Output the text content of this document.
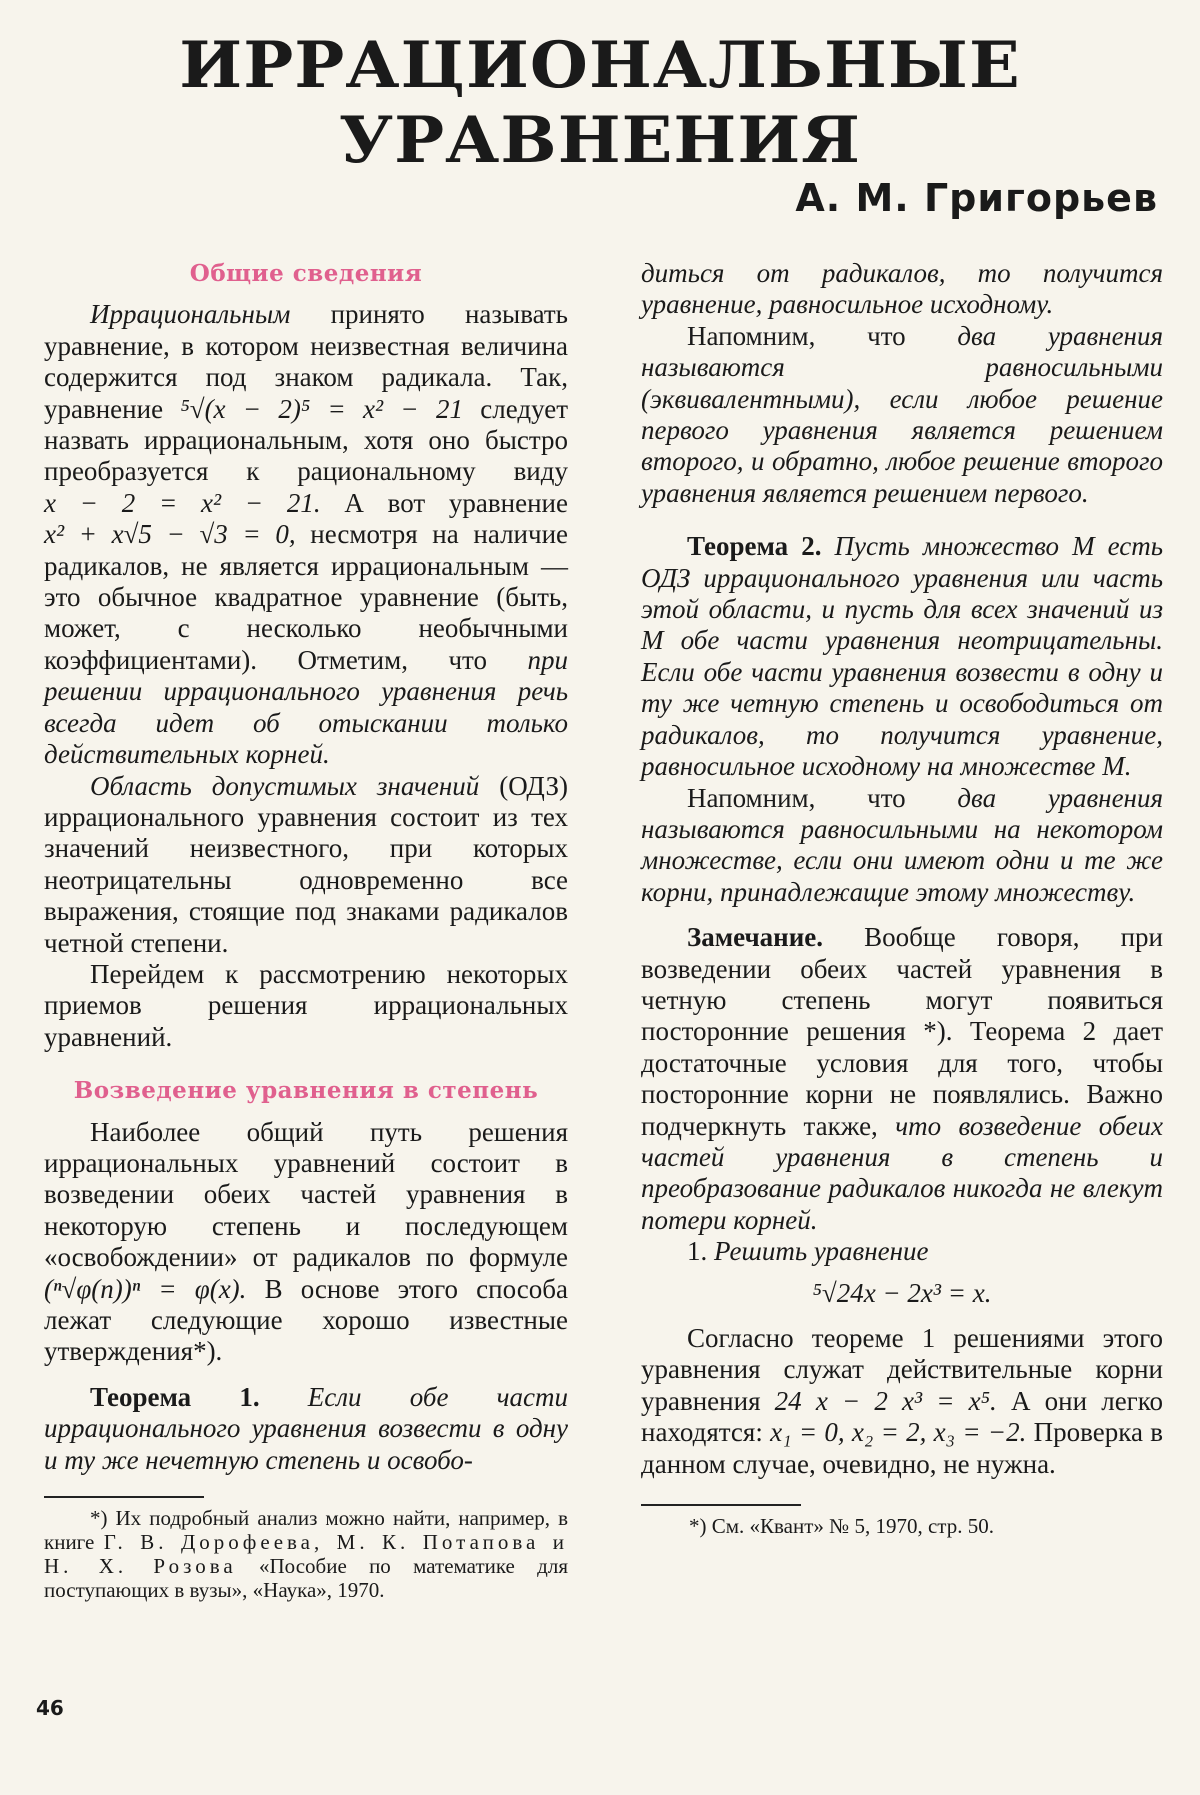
ИРРАЦИОНАЛЬНЫЕ УРАВНЕНИЯ
А. М. Григорьев
Общие сведения

Иррациональным принято называть уравнение, в котором неизвестная величина содержится под знаком радикала. Так, уравнение ⁵√(x − 2)⁵ = x² − 21 следует назвать иррациональным, хотя оно быстро преобразуется к рациональному виду x − 2 = x² − 21. А вот уравнение x² + x√5 − √3 = 0, несмотря на наличие радикалов, не является иррациональным — это обычное квадратное уравнение (быть, может, с несколько необычными коэффициентами). Отметим, что при решении иррационального уравнения речь всегда идет об отыскании только действительных корней.

Область допустимых значений (ОДЗ) иррационального уравнения состоит из тех значений неизвестного, при которых неотрицательны одновременно все выражения, стоящие под знаками радикалов четной степени.

Перейдем к рассмотрению некоторых приемов решения иррациональных уравнений.

Возведение уравнения в степень

Наиболее общий путь решения иррациональных уравнений состоит в возведении обеих частей уравнения в некоторую степень и последующем «освобождении» от радикалов по формуле (ⁿ√φ(n))ⁿ = φ(x). В основе этого способа лежат следующие хорошо известные утверждения*).

Теорема 1. Если обе части иррационального уравнения возвести в одну и ту же нечетную степень и освобо-

*) Их подробный анализ можно найти, например, в книге Г. В. Дорофеева, М. К. Потапова и Н. Х. Розова «Пособие по математике для поступающих в вузы», «Наука», 1970.

диться от радикалов, то получится уравнение, равносильное исходному.

Напомним, что два уравнения называются равносильными (эквивалентными), если любое решение первого уравнения является решением второго, и обратно, любое решение второго уравнения является решением первого.

Теорема 2. Пусть множество M есть ОДЗ иррационального уравнения или часть этой области, и пусть для всех значений из M обе части уравнения неотрицательны. Если обе части уравнения возвести в одну и ту же четную степень и освободиться от радикалов, то получится уравнение, равносильное исходному на множестве M.

Напомним, что два уравнения называются равносильными на некотором множестве, если они имеют одни и те же корни, принадлежащие этому множеству.

Замечание. Вообще говоря, при возведении обеих частей уравнения в четную степень могут появиться посторонние решения *). Теорема 2 дает достаточные условия для того, чтобы посторонние корни не появлялись. Важно подчеркнуть также, что возведение обеих частей уравнения в степень и преобразование радикалов никогда не влекут потери корней.

1. Решить уравнение

⁵√24x − 2x³ = x.

Согласно теореме 1 решениями этого уравнения служат действительные корни уравнения 24 x − 2 x³ = x⁵. А они легко находятся: x₁ = 0, x₂ = 2, x₃ = −2. Проверка в данном случае, очевидно, не нужна.

*) См. «Квант» № 5, 1970, стр. 50.

46
